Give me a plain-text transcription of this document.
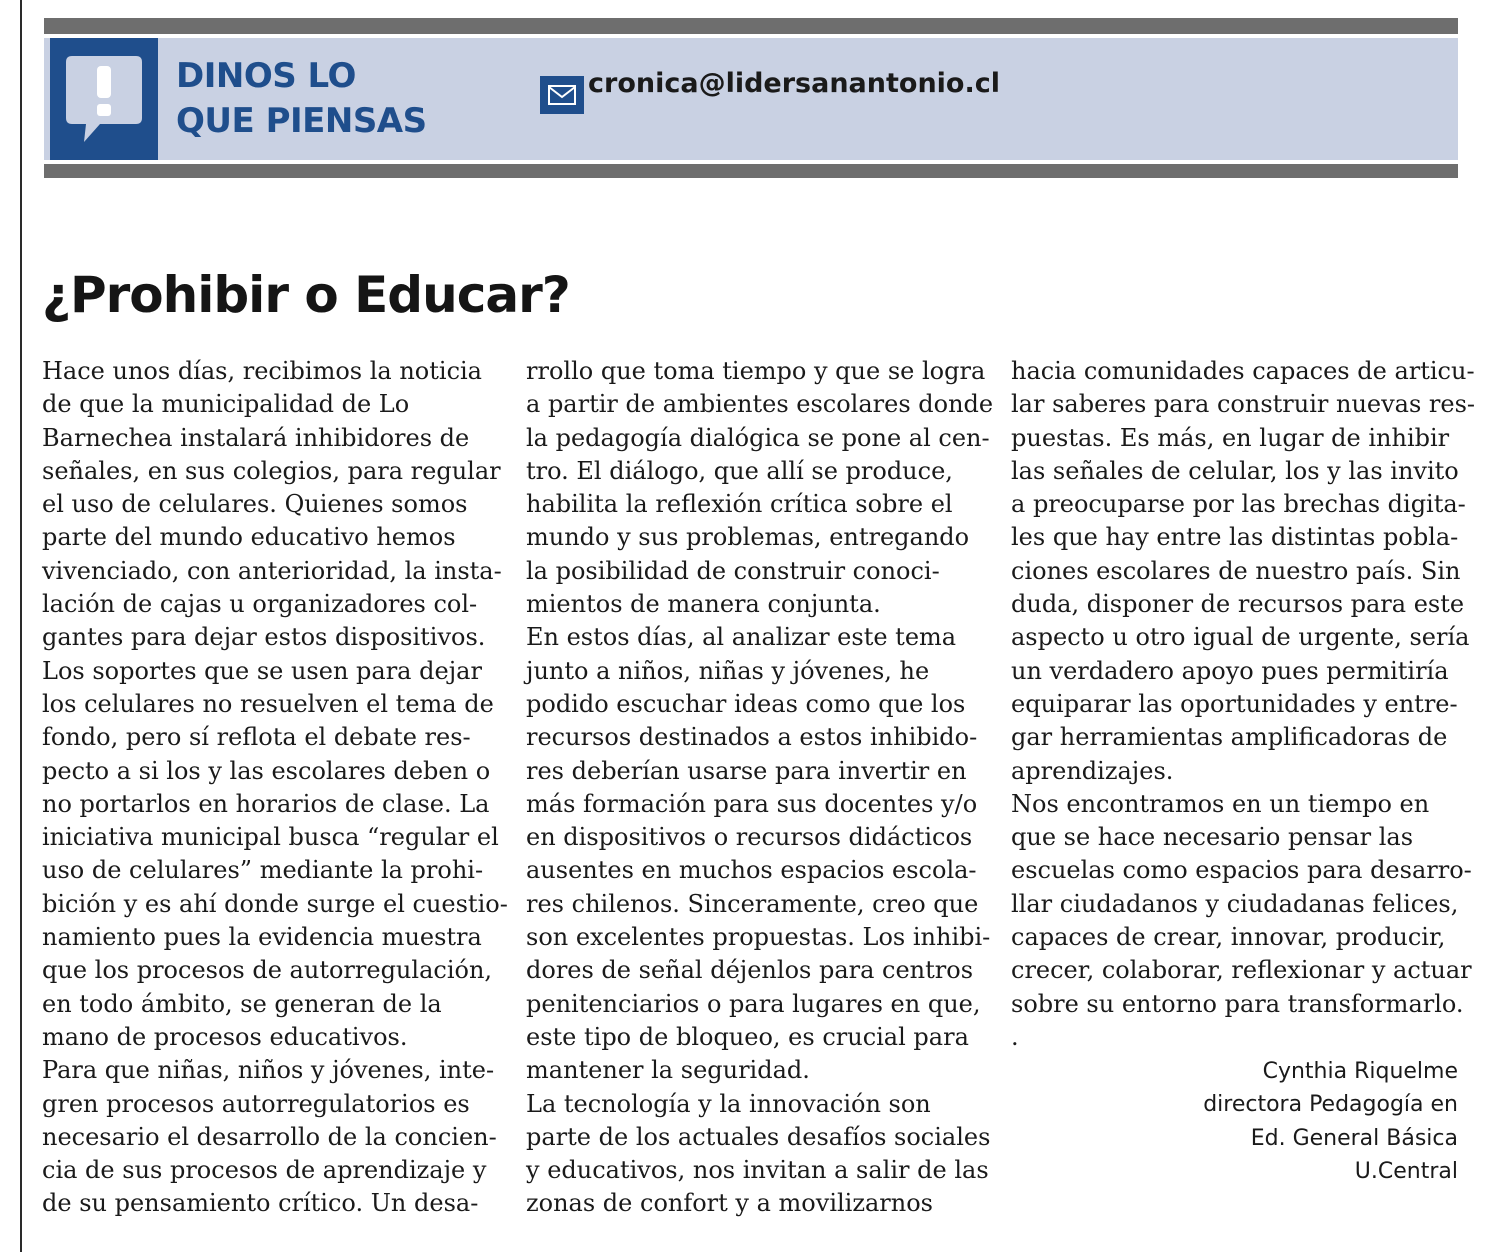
DINOS LO
QUE PIENSAS
cronica@lidersanantonio.cl
¿Prohibir o Educar?
Hace unos días, recibimos la noticia
de que la municipalidad de Lo
Barnechea instalará inhibidores de
señales, en sus colegios, para regular
el uso de celulares. Quienes somos
parte del mundo educativo hemos
vivenciado, con anterioridad, la insta-
lación de cajas u organizadores col-
gantes para dejar estos dispositivos.
Los soportes que se usen para dejar
los celulares no resuelven el tema de
fondo, pero sí reflota el debate res-
pecto a si los y las escolares deben o
no portarlos en horarios de clase. La
iniciativa municipal busca “regular el
uso de celulares” mediante la prohi-
bición y es ahí donde surge el cuestio-
namiento pues la evidencia muestra
que los procesos de autorregulación,
en todo ámbito, se generan de la
mano de procesos educativos.
Para que niñas, niños y jóvenes, inte-
gren procesos autorregulatorios es
necesario el desarrollo de la concien-
cia de sus procesos de aprendizaje y
de su pensamiento crítico. Un desa-
rrollo que toma tiempo y que se logra
a partir de ambientes escolares donde
la pedagogía dialógica se pone al cen-
tro. El diálogo, que allí se produce,
habilita la reflexión crítica sobre el
mundo y sus problemas, entregando
la posibilidad de construir conoci-
mientos de manera conjunta.
En estos días, al analizar este tema
junto a niños, niñas y jóvenes, he
podido escuchar ideas como que los
recursos destinados a estos inhibido-
res deberían usarse para invertir en
más formación para sus docentes y/o
en dispositivos o recursos didácticos
ausentes en muchos espacios escola-
res chilenos. Sinceramente, creo que
son excelentes propuestas. Los inhibi-
dores de señal déjenlos para centros
penitenciarios o para lugares en que,
este tipo de bloqueo, es crucial para
mantener la seguridad.
La tecnología y la innovación son
parte de los actuales desafíos sociales
y educativos, nos invitan a salir de las
zonas de confort y a movilizarnos
hacia comunidades capaces de articu-
lar saberes para construir nuevas res-
puestas. Es más, en lugar de inhibir
las señales de celular, los y las invito
a preocuparse por las brechas digita-
les que hay entre las distintas pobla-
ciones escolares de nuestro país. Sin
duda, disponer de recursos para este
aspecto u otro igual de urgente, sería
un verdadero apoyo pues permitiría
equiparar las oportunidades y entre-
gar herramientas amplificadoras de
aprendizajes.
Nos encontramos en un tiempo en
que se hace necesario pensar las
escuelas como espacios para desarro-
llar ciudadanos y ciudadanas felices,
capaces de crear, innovar, producir,
crecer, colaborar, reflexionar y actuar
sobre su entorno para transformarlo.
.
Cynthia Riquelme
directora Pedagogía en
Ed. General Básica
U.Central
